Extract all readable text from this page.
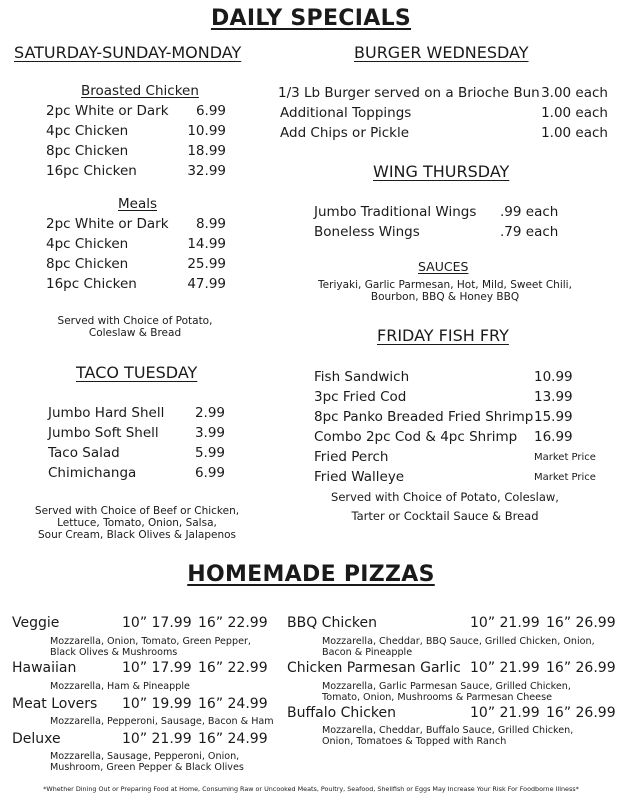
DAILY SPECIALS
SATURDAY-SUNDAY-MONDAY
Broasted Chicken
2pc White or Dark	6.99
4pc Chicken	10.99
8pc Chicken	18.99
16pc Chicken	32.99
Meals
2pc White or Dark	8.99
4pc Chicken	14.99
8pc Chicken	25.99
16pc Chicken	47.99
Served with Choice of Potato,
Coleslaw & Bread
TACO TUESDAY
Jumbo Hard Shell	2.99
Jumbo Soft Shell	3.99
Taco Salad	5.99
Chimichanga	6.99
Served with Choice of Beef or Chicken,
Lettuce, Tomato, Onion, Salsa,
Sour Cream, Black Olives & Jalapenos
BURGER WEDNESDAY
1/3 Lb Burger served on a Brioche Bun 3.00 each
Additional Toppings	1.00 each
Add Chips or Pickle	1.00 each
WING THURSDAY
Jumbo Traditional Wings .99 each
Boneless Wings	.79 each
SAUCES
Teriyaki, Garlic Parmesan, Hot, Mild, Sweet Chili,
Bourbon, BBQ & Honey BBQ
FRIDAY FISH FRY
Fish Sandwich	10.99
3pc Fried Cod	13.99
8pc Panko Breaded Fried Shrimp 15.99
Combo 2pc Cod & 4pc Shrimp 16.99
Fried Perch	Market Price
Fried Walleye	Market Price
Served with Choice of Potato, Coleslaw,
Tarter or Cocktail Sauce & Bread
HOMEMADE PIZZAS
Veggie	10” 17.99 16” 22.99
Mozzarella, Onion, Tomato, Green Pepper, Black Olives & Mushrooms
Hawaiian	10” 17.99 16” 22.99
Mozzarella, Ham & Pineapple
Meat Lovers 10” 19.99 16” 24.99
Mozzarella, Pepperoni, Sausage, Bacon & Ham
Deluxe	10” 21.99 16” 24.99
Mozzarella, Sausage, Pepperoni, Onion, Mushroom, Green Pepper & Black Olives
BBQ Chicken	10” 21.99 16” 26.99
Mozzarella, Cheddar, BBQ Sauce, Grilled Chicken, Onion, Bacon & Pineapple
Chicken Parmesan Garlic 10” 21.99 16” 26.99
Mozzarella, Garlic Parmesan Sauce, Grilled Chicken, Tomato, Onion, Mushrooms & Parmesan Cheese
Buffalo Chicken	10” 21.99 16” 26.99
Mozzarella, Cheddar, Buffalo Sauce, Grilled Chicken, Onion, Tomatoes & Topped with Ranch
*Whether Dining Out or Preparing Food at Home, Consuming Raw or Uncooked Meats, Poultry, Seafood, Shellfish or Eggs May Increase Your Risk For Foodborne Illness*
